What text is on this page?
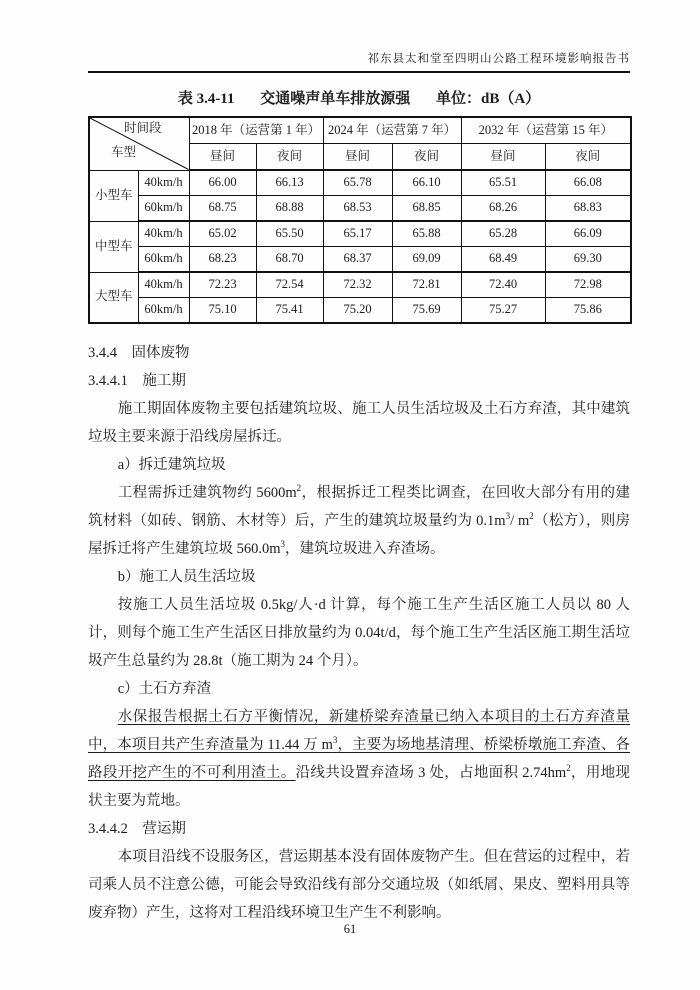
祁东县太和堂至四明山公路工程环境影响报告书
表 3.4-11 交通噪声单车排放源强 单位：dB（A）
时间段
车型		2018 年（运营第 1 年）		2024 年（运营第 7 年）		2032 年（运营第 15 年）	
		昼间	夜间	昼间	夜间	昼间	夜间
小型车	40km/h	66.00	66.13	65.78	66.10	65.51	66.08
	60km/h	68.75	68.88	68.53	68.85	68.26	68.83
中型车	40km/h	65.02	65.50	65.17	65.88	65.28	66.09
	60km/h	68.23	68.70	68.37	69.09	68.49	69.30
大型车	40km/h	72.23	72.54	72.32	72.81	72.40	72.98
	60km/h	75.10	75.41	75.20	75.69	75.27	75.86

3.4.4　固体废物

3.4.4.1　施工期

施工期固体废物主要包括建筑垃圾、施工人员生活垃圾及土石方弃渣，其中建筑垃圾主要来源于沿线房屋拆迁。

a）拆迁建筑垃圾

工程需拆迁建筑物约 $5600m^2$，根据拆迁工程类比调查，在回收大部分有用的建筑材料（如砖、钢筋、木材等）后，产生的建筑垃圾量约为 $0.1m^3/$ $m^2$（松方），则房屋拆迁将产生建筑垃圾 $560.0m^3$，建筑垃圾进入弃渣场。

b）施工人员生活垃圾

按施工人员生活垃圾 0.5kg/人·d 计算，每个施工生产生活区施工人员以 80 人计，则每个施工生产生活区日排放量约为 0.04t/d，每个施工生产生活区施工期生活垃圾产生总量约为 28.8t（施工期为 24 个月）。

c）土石方弃渣

水保报告根据土石方平衡情况，新建桥梁弃渣量已纳入本项目的土石方弃渣量中，本项目共产生弃渣量为 11.44 万 $m^3$，主要为场地基清理、桥梁桥墩施工弃渣、各路段开挖产生的不可利用渣土。沿线共设置弃渣场 3 处，占地面积 $2.74hm^2$，用地现状主要为荒地。

3.4.4.2　营运期

本项目沿线不设服务区，营运期基本没有固体废物产生。但在营运的过程中，若司乘人员不注意公德，可能会导致沿线有部分交通垃圾（如纸屑、果皮、塑料用具等废弃物）产生，这将对工程沿线环境卫生产生不利影响。

61
